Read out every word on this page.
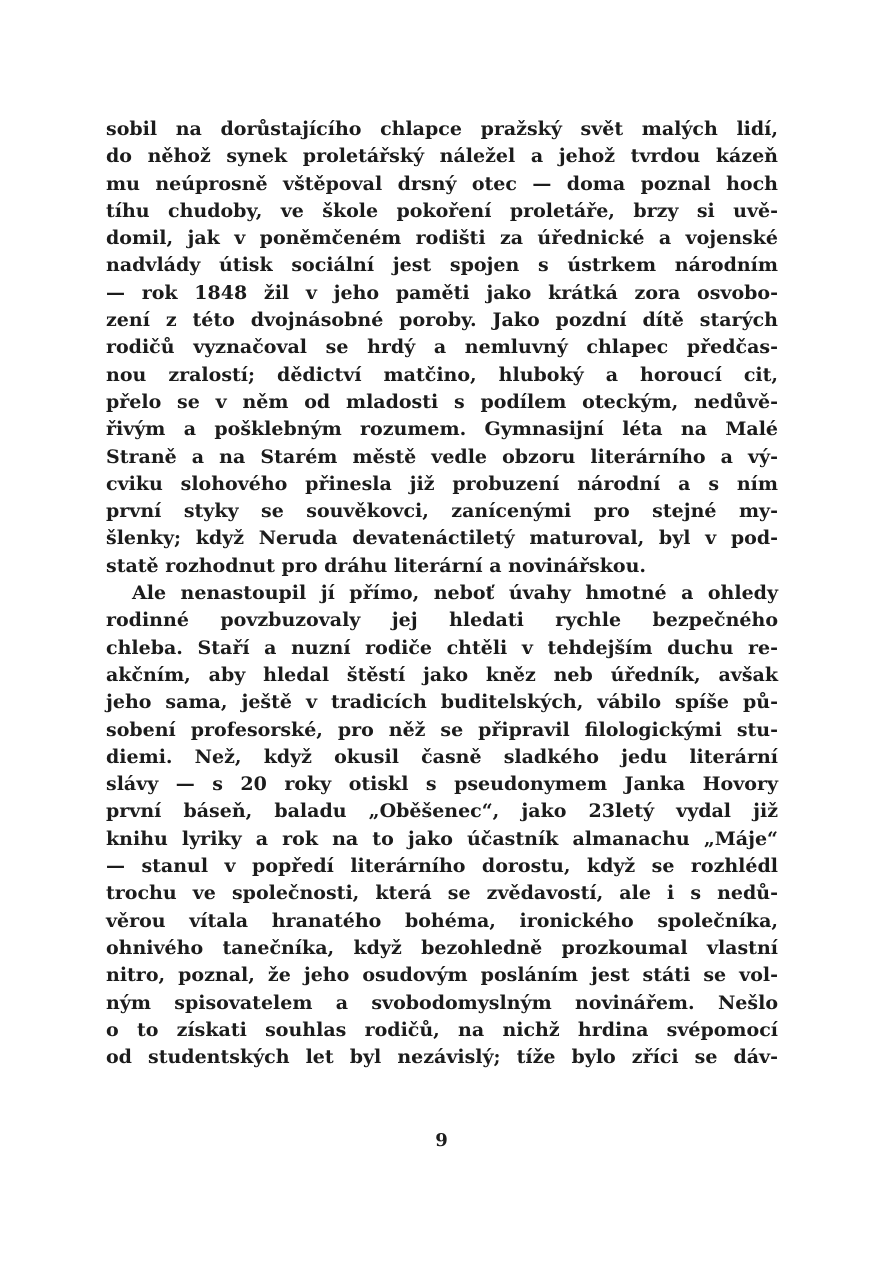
sobil na dorůstajícího chlapce pražský svět malých lidí,
do něhož synek proletářský náležel a jehož tvrdou kázeň
mu neúprosně vštěpoval drsný otec — doma poznal hoch
tíhu chudoby, ve škole pokoření proletáře, brzy si uvě-
domil, jak v poněmčeném rodišti za úřednické a vojenské
nadvlády útisk sociální jest spojen s ústrkem národním
— rok 1848 žil v jeho paměti jako krátká zora osvobo-
zení z této dvojnásobné poroby. Jako pozdní dítě starých
rodičů vyznačoval se hrdý a nemluvný chlapec předčas-
nou zralostí; dědictví matčino, hluboký a horoucí cit,
přelo se v něm od mladosti s podílem oteckým, nedůvě-
řivým a pošklebným rozumem. Gymnasijní léta na Malé
Straně a na Starém městě vedle obzoru literárního a vý-
cviku slohového přinesla již probuzení národní a s ním
první styky se souvěkovci, zanícenými pro stejné my-
šlenky; když Neruda devatenáctiletý maturoval, byl v pod-
statě rozhodnut pro dráhu literární a novinářskou.
Ale nenastoupil jí přímo, neboť úvahy hmotné a ohledy
rodinné povzbuzovaly jej hledati rychle bezpečného
chleba. Staří a nuzní rodiče chtěli v tehdejším duchu re-
akčním, aby hledal štěstí jako kněz neb úředník, avšak
jeho sama, ještě v tradicích buditelských, vábilo spíše pů-
sobení profesorské, pro něž se připravil filologickými stu-
diemi. Než, když okusil časně sladkého jedu literární
slávy — s 20 roky otiskl s pseudonymem Janka Hovory
první báseň, baladu „Oběšenec“, jako 23letý vydal již
knihu lyriky a rok na to jako účastník almanachu „Máje“
— stanul v popředí literárního dorostu, když se rozhlédl
trochu ve společnosti, která se zvědavostí, ale i s nedů-
věrou vítala hranatého bohéma, ironického společníka,
ohnivého tanečníka, když bezohledně prozkoumal vlastní
nitro, poznal, že jeho osudovým posláním jest státi se vol-
ným spisovatelem a svobodomyslným novinářem. Nešlo
o to získati souhlas rodičů, na nichž hrdina svépomocí
od studentských let byl nezávislý; tíže bylo zříci se dáv-
9
